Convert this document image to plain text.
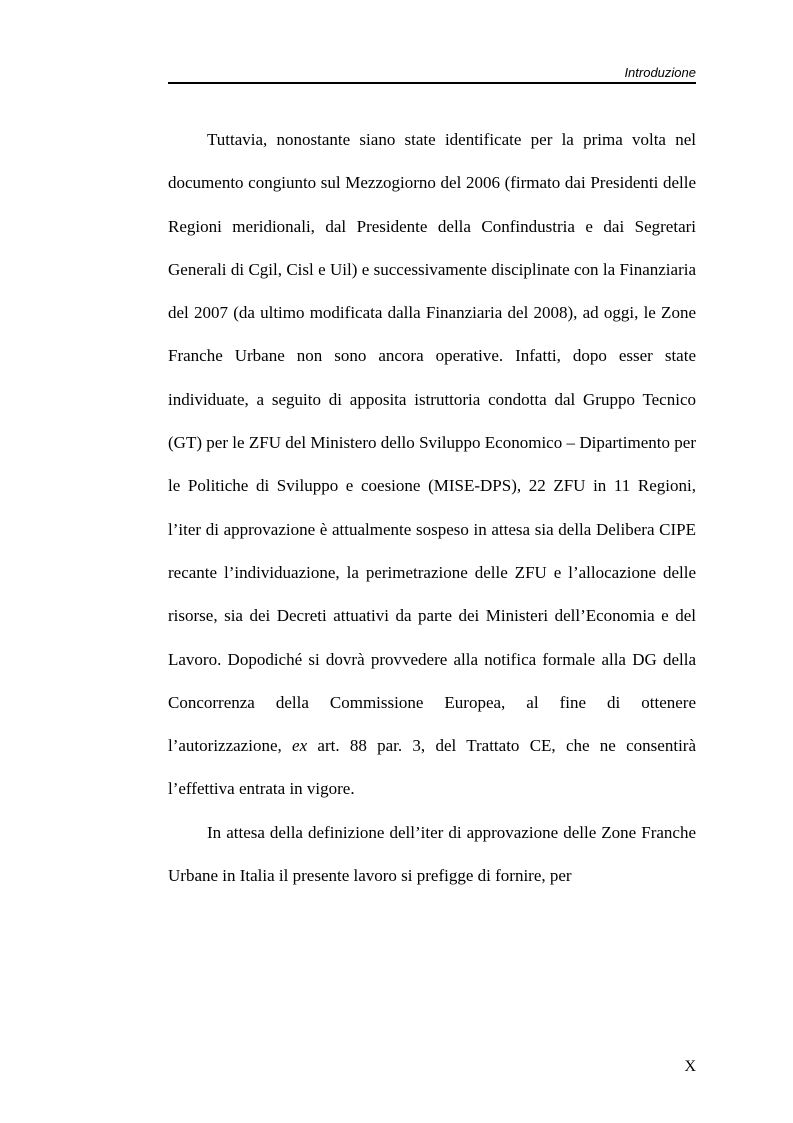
Introduzione

Tuttavia, nonostante siano state identificate per la prima volta nel documento congiunto sul Mezzogiorno del 2006 (firmato dai Presidenti delle Regioni meridionali, dal Presidente della Confindustria e dai Segretari Generali di Cgil, Cisl e Uil) e successivamente disciplinate con la Finanziaria del 2007 (da ultimo modificata dalla Finanziaria del 2008), ad oggi, le Zone Franche Urbane non sono ancora operative. Infatti, dopo esser state individuate, a seguito di apposita istruttoria condotta dal Gruppo Tecnico (GT) per le ZFU del Ministero dello Sviluppo Economico – Dipartimento per le Politiche di Sviluppo e coesione (MISE-DPS), 22 ZFU in 11 Regioni, l’iter di approvazione è attualmente sospeso in attesa sia della Delibera CIPE recante l’individuazione, la perimetrazione delle ZFU e l’allocazione delle risorse, sia dei Decreti attuativi da parte dei Ministeri dell’Economia e del Lavoro. Dopodiché si dovrà provvedere alla notifica formale alla DG della Concorrenza della Commissione Europea, al fine di ottenere l’autorizzazione, ex art. 88 par. 3, del Trattato CE, che ne consentirà l’effettiva entrata in vigore.

In attesa della definizione dell’iter di approvazione delle Zone Franche Urbane in Italia il presente lavoro si prefigge di fornire, per

X
